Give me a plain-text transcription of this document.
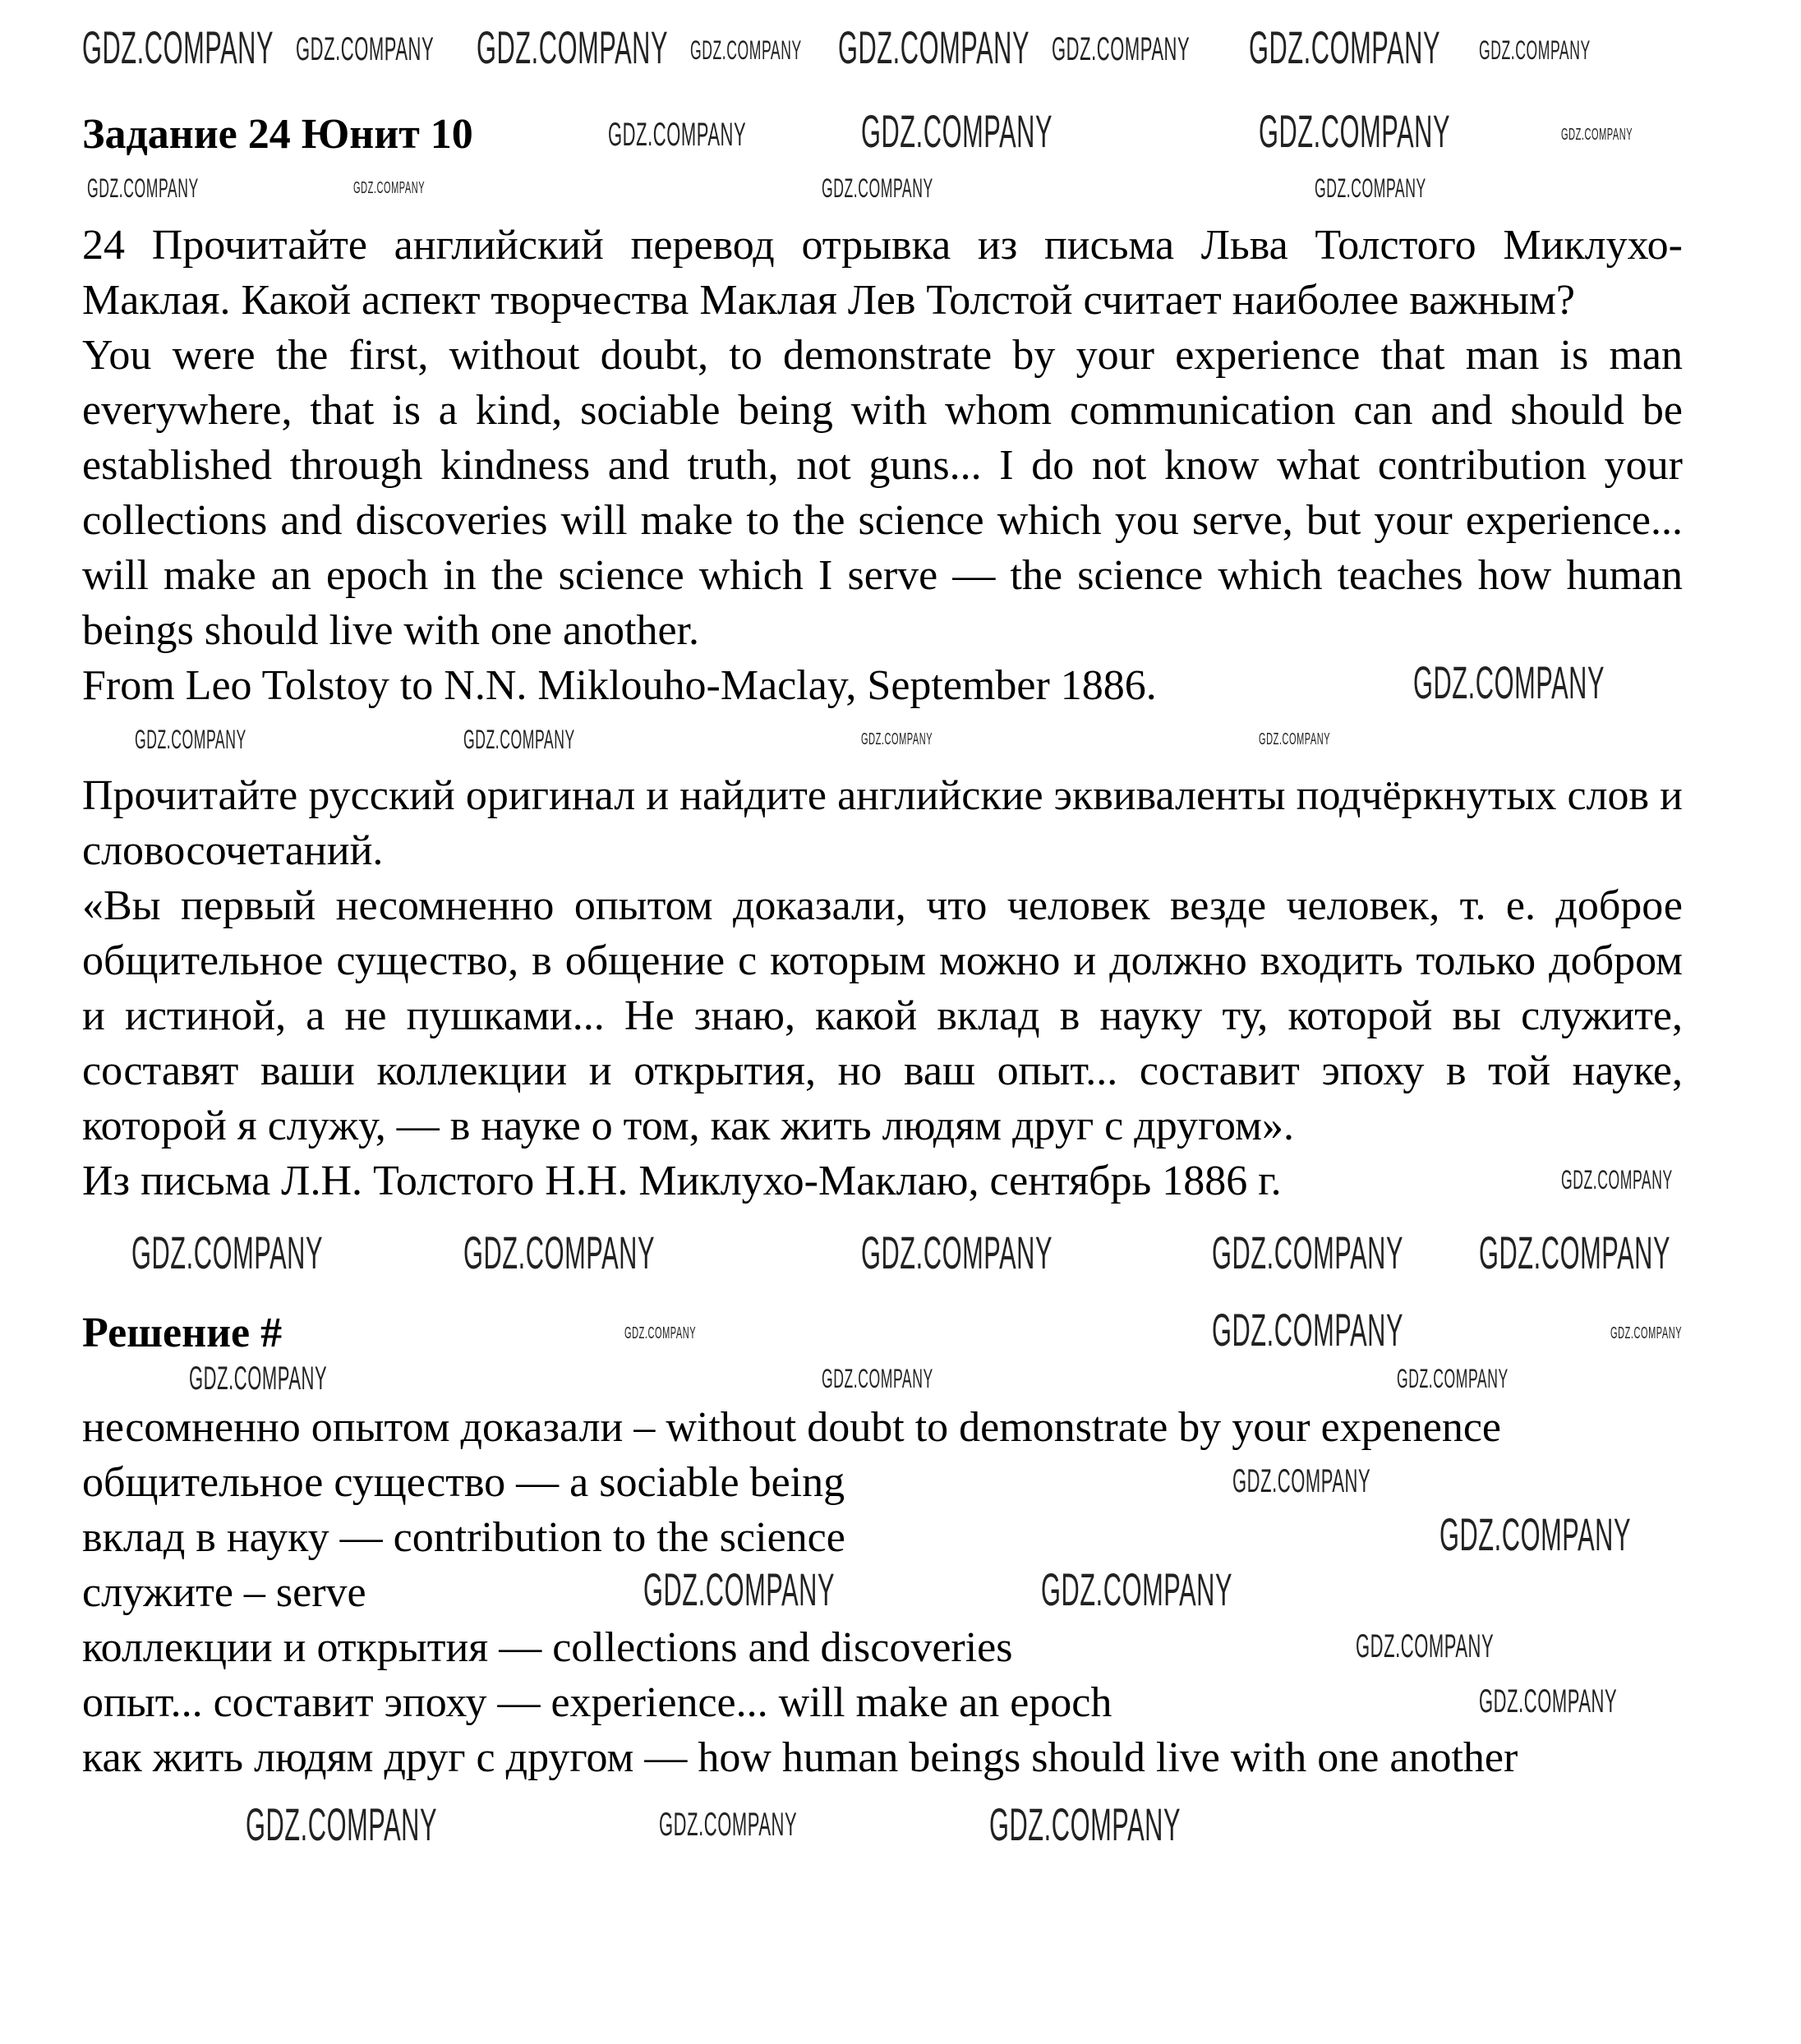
GDZ.COMPANY GDZ.COMPANY GDZ.COMPANY GDZ.COMPANY GDZ.COMPANY GDZ.COMPANY GDZ.COMPANY GDZ.COMPANY
Задание 24 Юнит 10	GDZ.COMPANY GDZ.COMPANY	GDZ.COMPANY	GDZ.COMPANY
GDZ.COMPANY	GDZ.COMPANY	GDZ.COMPANY	GDZ.COMPANY

24 Прочитайте английский перевод отрывка из письма Льва Толстого Миклухо-Маклая. Какой аспект творчества Маклая Лев Толстой считает наиболее важным?

You were the first, without doubt, to demonstrate by your experience that man is man everywhere, that is a kind, sociable being with whom communication can and should be established through kindness and truth, not guns... I do not know what contribution your collections and discoveries will make to the science which you serve, but your experience... will make an epoch in the science which I serve — the science which teaches how human beings should live with one another.

From Leo Tolstoy to N.N. Miklouho-Maclay, September 1886.	GDZ.COMPANY
GDZ.COMPANY	GDZ.COMPANY	GDZ.COMPANY	GDZ.COMPANY

Прочитайте русский оригинал и найдите английские эквиваленты подчёркнутых слов и словосочетаний.

«Вы первый несомненно опытом доказали, что человек везде человек, т. е. доброе общительное существо, в общение с которым можно и должно входить только добром и истиной, а не пушками... Не знаю, какой вклад в науку ту, которой вы служите, составят ваши коллекции и открытия, но ваш опыт... составит эпоху в той науке, которой я служу, — в науке о том, как жить людям друг с другом».

Из письма Л.Н. Толстого Н.Н. Миклухо-Маклаю, сентябрь 1886 г.	GDZ.COMPANY
GDZ.COMPANY	GDZ.COMPANY	GDZ.COMPANY	GDZ.COMPANY GDZ.COMPANY
Решение #	GDZ.COMPANY	GDZ.COMPANY	GDZ.COMPANY
GDZ.COMPANY	GDZ.COMPANY	GDZ.COMPANY
несомненно опытом доказали – without doubt to demonstrate by your expenence
общительное существо — a sociable being	GDZ.COMPANY
вклад в науку — contribution to the science	GDZ.COMPANY
служите – serve	GDZ.COMPANY	GDZ.COMPANY
коллекции и открытия — collections and discoveries	GDZ.COMPANY
опыт... составит эпоху — experience... will make an epoch	GDZ.COMPANY

как жить людям друг с другом — how human beings should live with one another

GDZ.COMPANY	GDZ.COMPANY	GDZ.COMPANY
